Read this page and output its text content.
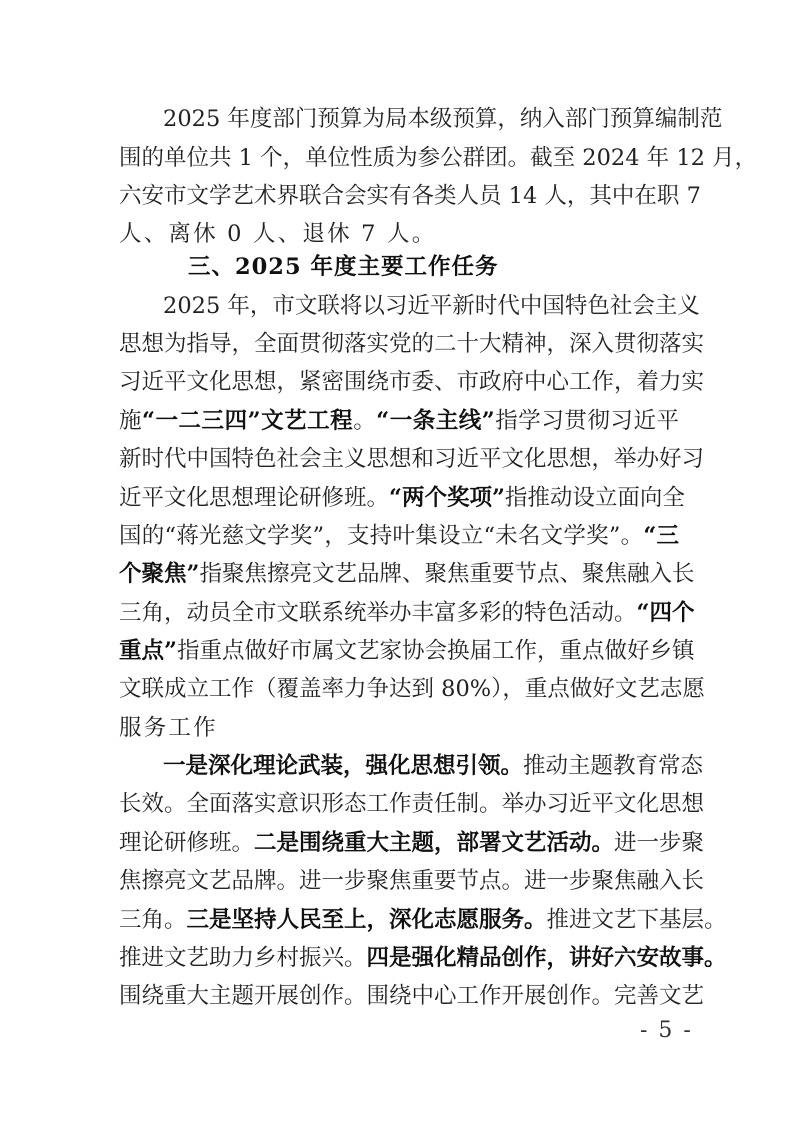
2025 年度部门预算为局本级预算，纳入部门预算编制范
围的单位共 1 个，单位性质为参公群团。截至 2024 年 12 月，
六安市文学艺术界联合会实有各类人员 14 人，其中在职 7
人、离休 0 人、退休 7 人。
三、2025 年度主要工作任务
2025 年，市文联将以习近平新时代中国特色社会主义
思想为指导，全面贯彻落实党的二十大精神，深入贯彻落实
习近平文化思想，紧密围绕市委、市政府中心工作，着力实
施“一二三四”文艺工程。“一条主线”指学习贯彻习近平
新时代中国特色社会主义思想和习近平文化思想，举办好习
近平文化思想理论研修班。“两个奖项”指推动设立面向全
国的“蒋光慈文学奖”，支持叶集设立“未名文学奖”。“三
个聚焦”指聚焦擦亮文艺品牌、聚焦重要节点、聚焦融入长
三角，动员全市文联系统举办丰富多彩的特色活动。“四个
重点”指重点做好市属文艺家协会换届工作，重点做好乡镇
文联成立工作（覆盖率力争达到 80%），重点做好文艺志愿
服务工作
一是深化理论武装，强化思想引领。推动主题教育常态
长效。全面落实意识形态工作责任制。举办习近平文化思想
理论研修班。二是围绕重大主题，部署文艺活动。进一步聚
焦擦亮文艺品牌。进一步聚焦重要节点。进一步聚焦融入长
三角。三是坚持人民至上，深化志愿服务。推进文艺下基层。
推进文艺助力乡村振兴。四是强化精品创作，讲好六安故事。
围绕重大主题开展创作。围绕中心工作开展创作。完善文艺
- 5 -
